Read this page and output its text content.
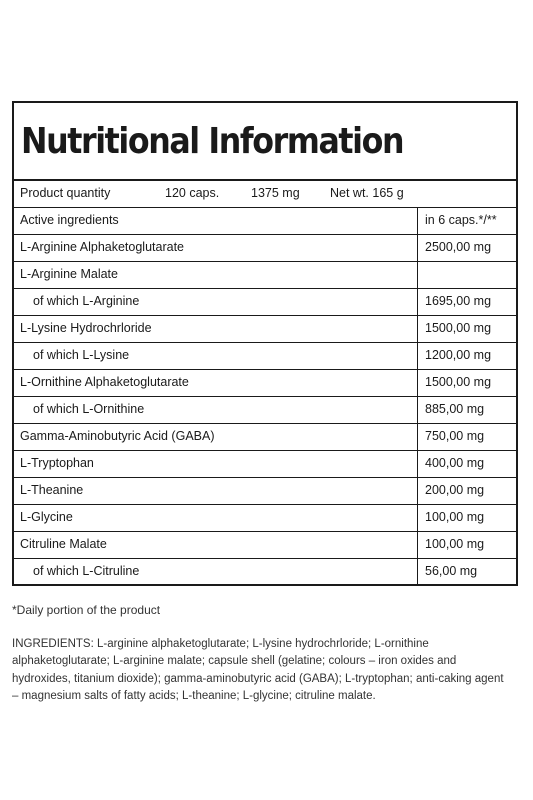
Nutritional Information
Product quantity	120 caps.	1375 mg Net wt. 165 g
Active ingredients	in 6 caps.*/**
L-Arginine Alphaketoglutarate	2500,00 mg
L-Arginine Malate
of which L-Arginine	1695,00 mg
L-Lysine Hydrochrloride	1500,00 mg
of which L-Lysine	1200,00 mg
L-Ornithine Alphaketoglutarate	1500,00 mg
of which L-Ornithine	885,00 mg
Gamma-Aminobutyric Acid (GABA)	750,00 mg
L-Tryptophan	400,00 mg
L-Theanine	200,00 mg
L-Glycine	100,00 mg
Citruline Malate	100,00 mg
of which L-Citruline	56,00 mg
*Daily portion of the product
INGREDIENTS: L-arginine alphaketoglutarate; L-lysine hydrochrloride; L-ornithine alphaketoglutarate; L-arginine malate; capsule shell (gelatine; colours – iron oxides and hydroxides, titanium dioxide); gamma-aminobutyric acid (GABA); L-tryptophan; anti-caking agent – magnesium salts of fatty acids; L-theanine; L-glycine; citruline malate.
